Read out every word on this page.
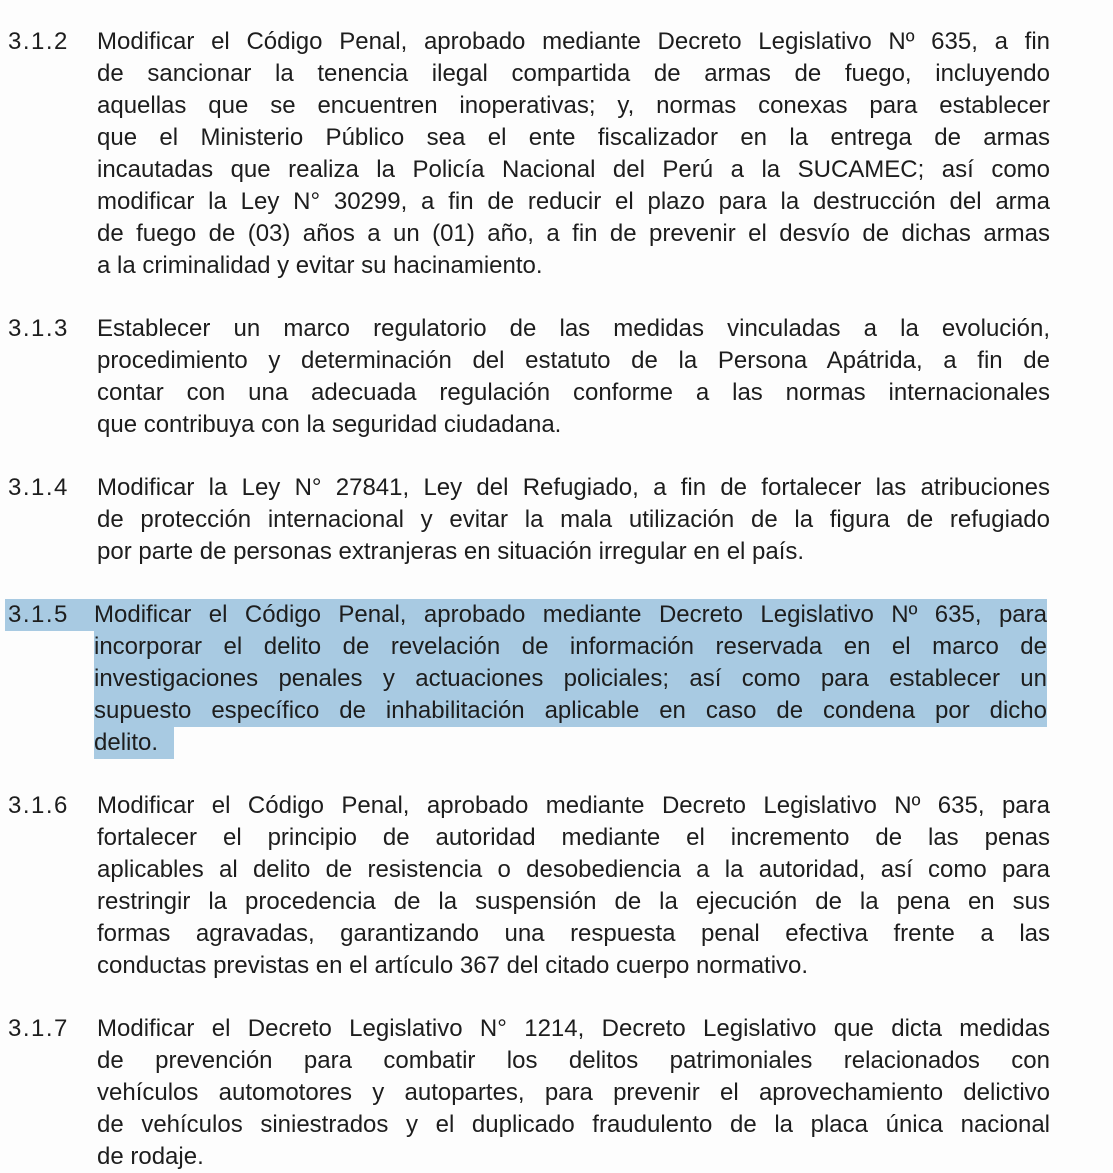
3.1.2	Modificar el Código Penal, aprobado mediante Decreto Legislativo Nº 635, a fin
de sancionar la tenencia ilegal compartida de armas de fuego, incluyendo
aquellas que se encuentren inoperativas; y, normas conexas para establecer
que el Ministerio Público sea el ente fiscalizador en la entrega de armas
incautadas que realiza la Policía Nacional del Perú a la SUCAMEC; así como
modificar la Ley N° 30299, a fin de reducir el plazo para la destrucción del arma
de fuego de (03) años a un (01) año, a fin de prevenir el desvío de dichas armas
a la criminalidad y evitar su hacinamiento.
3.1.3	Establecer un marco regulatorio de las medidas vinculadas a la evolución,
procedimiento y determinación del estatuto de la Persona Apátrida, a fin de
contar con una adecuada regulación conforme a las normas internacionales
que contribuya con la seguridad ciudadana.
3.1.4	Modificar la Ley N° 27841, Ley del Refugiado, a fin de fortalecer las atribuciones
de protección internacional y evitar la mala utilización de la figura de refugiado
por parte de personas extranjeras en situación irregular en el país.
3.1.5	Modificar el Código Penal, aprobado mediante Decreto Legislativo Nº 635, para
incorporar el delito de revelación de información reservada en el marco de
investigaciones penales y actuaciones policiales; así como para establecer un
supuesto específico de inhabilitación aplicable en caso de condena por dicho
delito.
3.1.6	Modificar el Código Penal, aprobado mediante Decreto Legislativo Nº 635, para
fortalecer el principio de autoridad mediante el incremento de las penas
aplicables al delito de resistencia o desobediencia a la autoridad, así como para
restringir la procedencia de la suspensión de la ejecución de la pena en sus
formas agravadas, garantizando una respuesta penal efectiva frente a las
conductas previstas en el artículo 367 del citado cuerpo normativo.
3.1.7	Modificar el Decreto Legislativo N° 1214, Decreto Legislativo que dicta medidas
de prevención para combatir los delitos patrimoniales relacionados con
vehículos automotores y autopartes, para prevenir el aprovechamiento delictivo
de vehículos siniestrados y el duplicado fraudulento de la placa única nacional
de rodaje.
